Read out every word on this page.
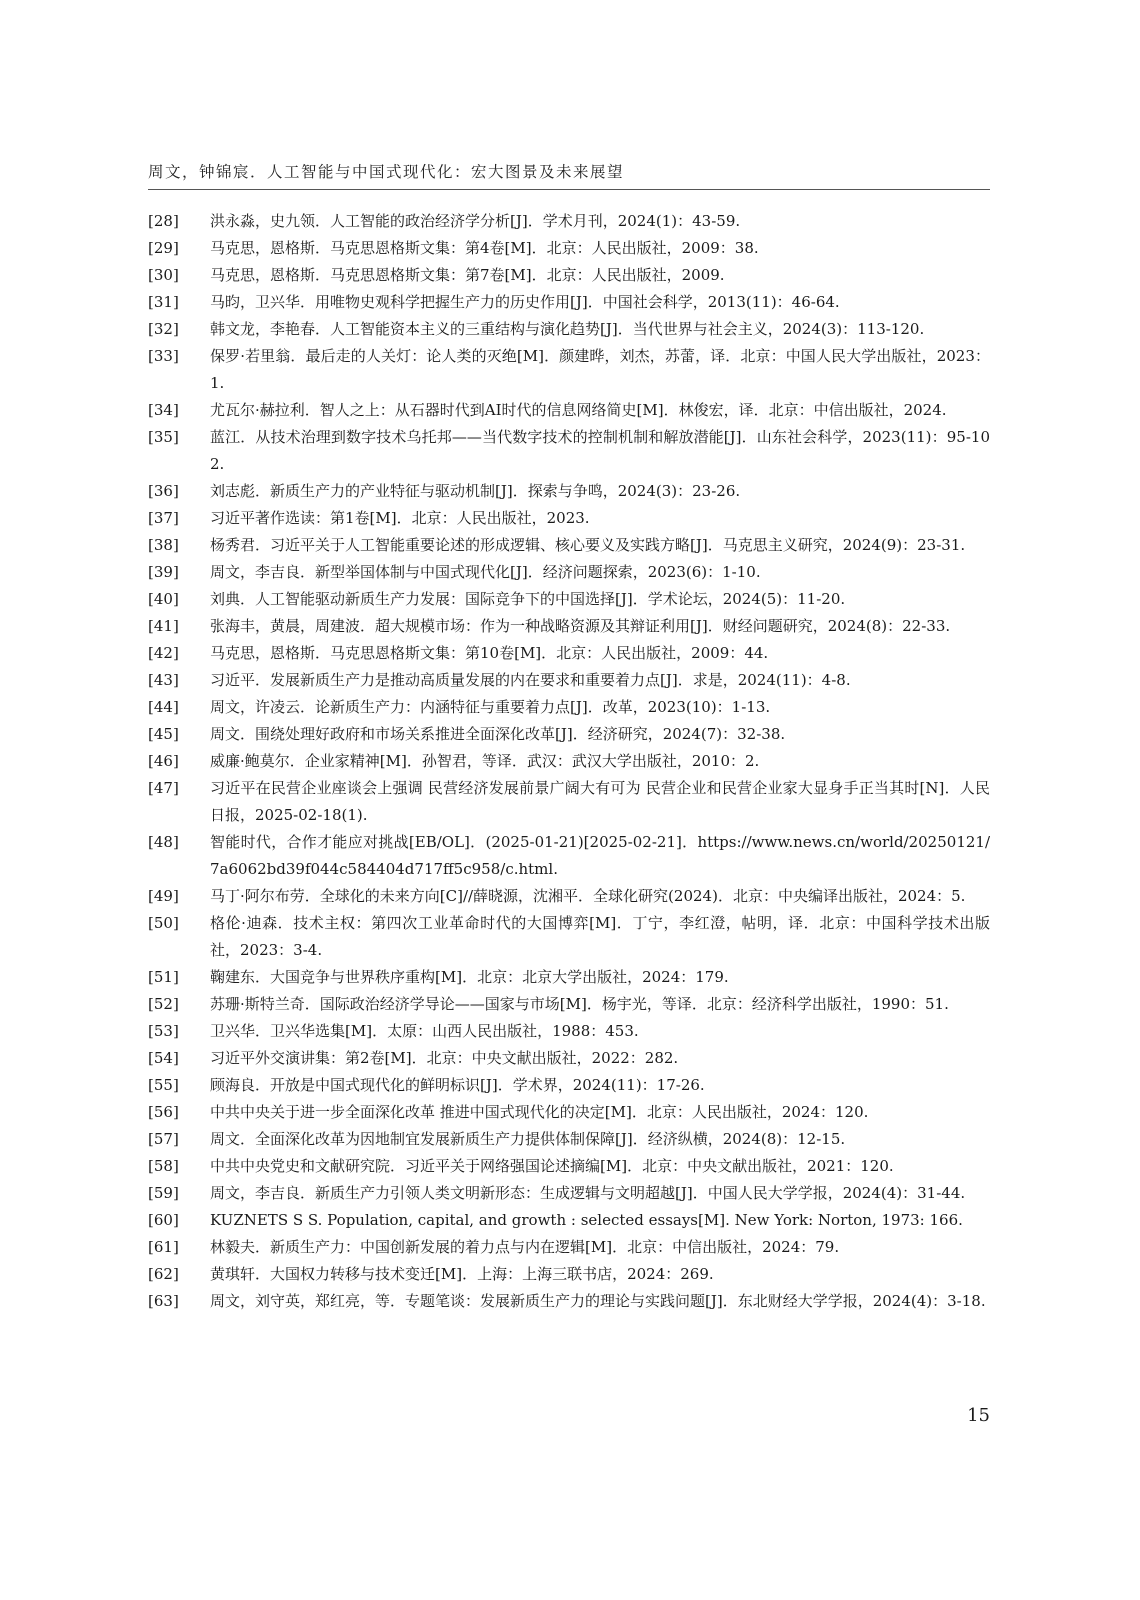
周文，钟锦宸．人工智能与中国式现代化：宏大图景及未来展望
[28]	洪永淼，史九领．人工智能的政治经济学分析[J]．学术月刊，2024(1)：43-59.
[29]	马克思，恩格斯．马克思恩格斯文集：第4卷[M]．北京：人民出版社，2009：38.
[30]	马克思，恩格斯．马克思恩格斯文集：第7卷[M]．北京：人民出版社，2009.
[31]	马昀，卫兴华．用唯物史观科学把握生产力的历史作用[J]．中国社会科学，2013(11)：46-64.
[32]	韩文龙，李艳春．人工智能资本主义的三重结构与演化趋势[J]．当代世界与社会主义，2024(3)：113-120.
[33]	保罗·若里翁．最后走的人关灯：论人类的灭绝[M]．颜建晔，刘杰，苏蕾，译．北京：中国人民大学出版社，2023：1.
[34]	尤瓦尔·赫拉利．智人之上：从石器时代到AI时代的信息网络简史[M]．林俊宏，译．北京：中信出版社，2024.
[35]	蓝江．从技术治理到数字技术乌托邦——当代数字技术的控制机制和解放潜能[J]．山东社会科学，2023(11)：95-102.
[36]	刘志彪．新质生产力的产业特征与驱动机制[J]．探索与争鸣，2024(3)：23-26.
[37]	习近平著作选读：第1卷[M]．北京：人民出版社，2023.
[38]	杨秀君．习近平关于人工智能重要论述的形成逻辑、核心要义及实践方略[J]．马克思主义研究，2024(9)：23-31.
[39]	周文，李吉良．新型举国体制与中国式现代化[J]．经济问题探索，2023(6)：1-10.
[40]	刘典．人工智能驱动新质生产力发展：国际竞争下的中国选择[J]．学术论坛，2024(5)：11-20.
[41]	张海丰，黄晨，周建波．超大规模市场：作为一种战略资源及其辩证利用[J]．财经问题研究，2024(8)：22-33.
[42]	马克思，恩格斯．马克思恩格斯文集：第10卷[M]．北京：人民出版社，2009：44.
[43]	习近平．发展新质生产力是推动高质量发展的内在要求和重要着力点[J]．求是，2024(11)：4-8.
[44]	周文，许凌云．论新质生产力：内涵特征与重要着力点[J]．改革，2023(10)：1-13.
[45]	周文．围绕处理好政府和市场关系推进全面深化改革[J]．经济研究，2024(7)：32-38.
[46]	威廉·鲍莫尔．企业家精神[M]．孙智君，等译．武汉：武汉大学出版社，2010：2.
[47]	习近平在民营企业座谈会上强调 民营经济发展前景广阔大有可为 民营企业和民营企业家大显身手正当其时[N]．人民日报，2025-02-18(1).
[48]	智能时代，合作才能应对挑战[EB/OL]．(2025-01-21)[2025-02-21]．https://www.news.cn/world/20250121/7a6062bd39f044c584404d717ff5c958/c.html.
[49]	马丁·阿尔布劳．全球化的未来方向[C]//薛晓源，沈湘平．全球化研究(2024)．北京：中央编译出版社，2024：5.
[50]	格伦·迪森．技术主权：第四次工业革命时代的大国博弈[M]．丁宁，李红澄，帖明，译．北京：中国科学技术出版社，2023：3-4.
[51]	鞠建东．大国竞争与世界秩序重构[M]．北京：北京大学出版社，2024：179.
[52]	苏珊·斯特兰奇．国际政治经济学导论——国家与市场[M]．杨宇光，等译．北京：经济科学出版社，1990：51.
[53]	卫兴华．卫兴华选集[M]．太原：山西人民出版社，1988：453.
[54]	习近平外交演讲集：第2卷[M]．北京：中央文献出版社，2022：282.
[55]	顾海良．开放是中国式现代化的鲜明标识[J]．学术界，2024(11)：17-26.
[56]	中共中央关于进一步全面深化改革 推进中国式现代化的决定[M]．北京：人民出版社，2024：120.
[57]	周文．全面深化改革为因地制宜发展新质生产力提供体制保障[J]．经济纵横，2024(8)：12-15.
[58]	中共中央党史和文献研究院．习近平关于网络强国论述摘编[M]．北京：中央文献出版社，2021：120.
[59]	周文，李吉良．新质生产力引领人类文明新形态：生成逻辑与文明超越[J]．中国人民大学学报，2024(4)：31-44.
[60]	KUZNETS S S. Population, capital, and growth : selected essays[M]. New York: Norton, 1973: 166.
[61]	林毅夫．新质生产力：中国创新发展的着力点与内在逻辑[M]．北京：中信出版社，2024：79.
[62]	黄琪轩．大国权力转移与技术变迁[M]．上海：上海三联书店，2024：269.
[63]	周文，刘守英，郑红亮，等．专题笔谈：发展新质生产力的理论与实践问题[J]．东北财经大学学报，2024(4)：3-18.
15
